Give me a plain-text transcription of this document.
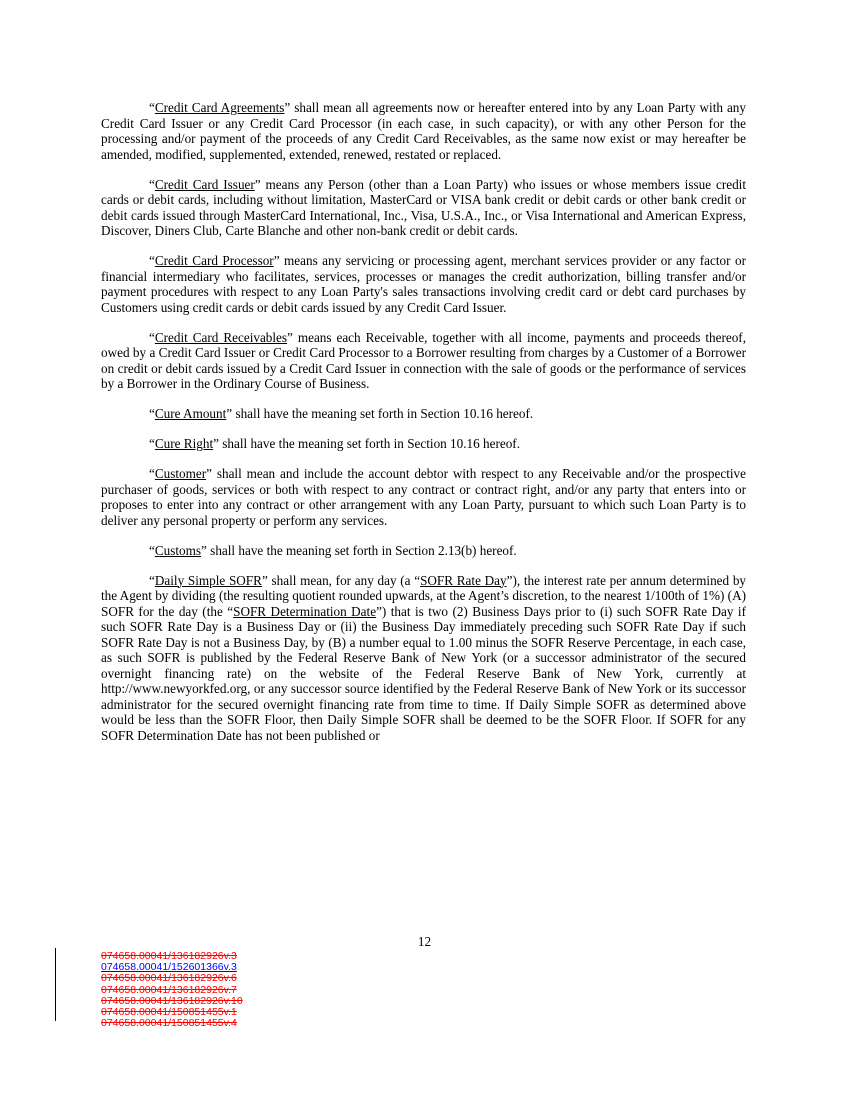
“Credit Card Agreements” shall mean all agreements now or hereafter entered into by any Loan Party with any Credit Card Issuer or any Credit Card Processor (in each case, in such capacity), or with any other Person for the processing and/or payment of the proceeds of any Credit Card Receivables, as the same now exist or may hereafter be amended, modified, supplemented, extended, renewed, restated or replaced.

“Credit Card Issuer” means any Person (other than a Loan Party) who issues or whose members issue credit cards or debit cards, including without limitation, MasterCard or VISA bank credit or debit cards or other bank credit or debit cards issued through MasterCard International, Inc., Visa, U.S.A., Inc., or Visa International and American Express, Discover, Diners Club, Carte Blanche and other non-bank credit or debit cards.

“Credit Card Processor” means any servicing or processing agent, merchant services provider or any factor or financial intermediary who facilitates, services, processes or manages the credit authorization, billing transfer and/or payment procedures with respect to any Loan Party's sales transactions involving credit card or debt card purchases by Customers using credit cards or debit cards issued by any Credit Card Issuer.

“Credit Card Receivables” means each Receivable, together with all income, payments and proceeds thereof, owed by a Credit Card Issuer or Credit Card Processor to a Borrower resulting from charges by a Customer of a Borrower on credit or debit cards issued by a Credit Card Issuer in connection with the sale of goods or the performance of services by a Borrower in the Ordinary Course of Business.

“Cure Amount” shall have the meaning set forth in Section 10.16 hereof.

“Cure Right” shall have the meaning set forth in Section 10.16 hereof.

“Customer” shall mean and include the account debtor with respect to any Receivable and/or the prospective purchaser of goods, services or both with respect to any contract or contract right, and/or any party that enters into or proposes to enter into any contract or other arrangement with any Loan Party, pursuant to which such Loan Party is to deliver any personal property or perform any services.

“Customs” shall have the meaning set forth in Section 2.13(b) hereof.

“Daily Simple SOFR” shall mean, for any day (a “SOFR Rate Day”), the interest rate per annum determined by the Agent by dividing (the resulting quotient rounded upwards, at the Agent’s discretion, to the nearest 1/100th of 1%) (A) SOFR for the day (the “SOFR Determination Date”) that is two (2) Business Days prior to (i) such SOFR Rate Day if such SOFR Rate Day is a Business Day or (ii) the Business Day immediately preceding such SOFR Rate Day if such SOFR Rate Day is not a Business Day, by (B) a number equal to 1.00 minus the SOFR Reserve Percentage, in each case, as such SOFR is published by the Federal Reserve Bank of New York (or a successor administrator of the secured overnight financing rate) on the website of the Federal Reserve Bank of New York, currently at http://www.newyorkfed.org, or any successor source identified by the Federal Reserve Bank of New York or its successor administrator for the secured overnight financing rate from time to time. If Daily Simple SOFR as determined above would be less than the SOFR Floor, then Daily Simple SOFR shall be deemed to be the SOFR Floor. If SOFR for any SOFR Determination Date has not been published or

12
074658.00041/136182926v.3
074658.00041/152601366v.3
074658.00041/136182926v.6
074658.00041/136182926v.7
074658.00041/136182926v.10
074658.00041/150851455v.1
074658.00041/150851455v.4
